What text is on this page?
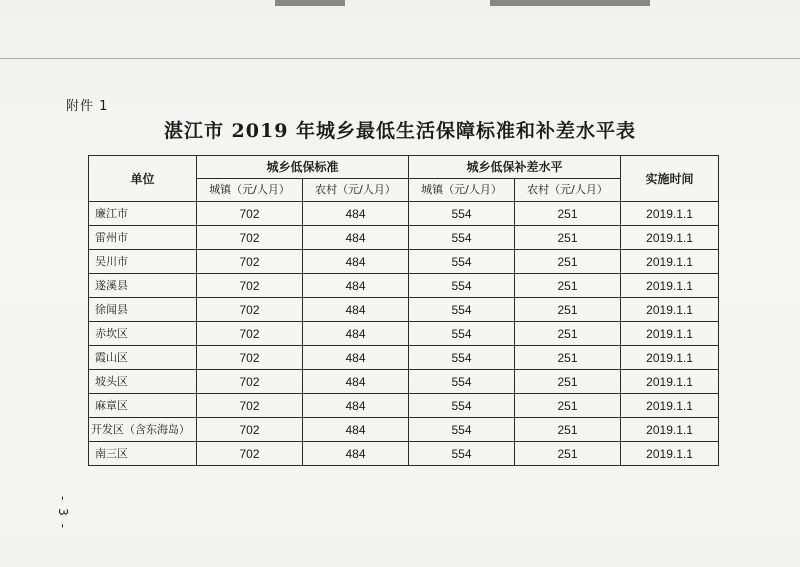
附件 1
湛江市 2019 年城乡最低生活保障标准和补差水平表
单位	城乡低保标准		城乡低保补差水平		实施时间
	城镇（元/人月）	农村（元/人月）	城镇（元/人月）	农村（元/人月）	
廉江市	702	484	554	251	2019.1.1
雷州市	702	484	554	251	2019.1.1
吴川市	702	484	554	251	2019.1.1
遂溪县	702	484	554	251	2019.1.1
徐闻县	702	484	554	251	2019.1.1
赤坎区	702	484	554	251	2019.1.1
霞山区	702	484	554	251	2019.1.1
坡头区	702	484	554	251	2019.1.1
麻章区	702	484	554	251	2019.1.1
开发区（含东海岛）	702	484	554	251	2019.1.1
南三区	702	484	554	251	2019.1.1
- 3 -
